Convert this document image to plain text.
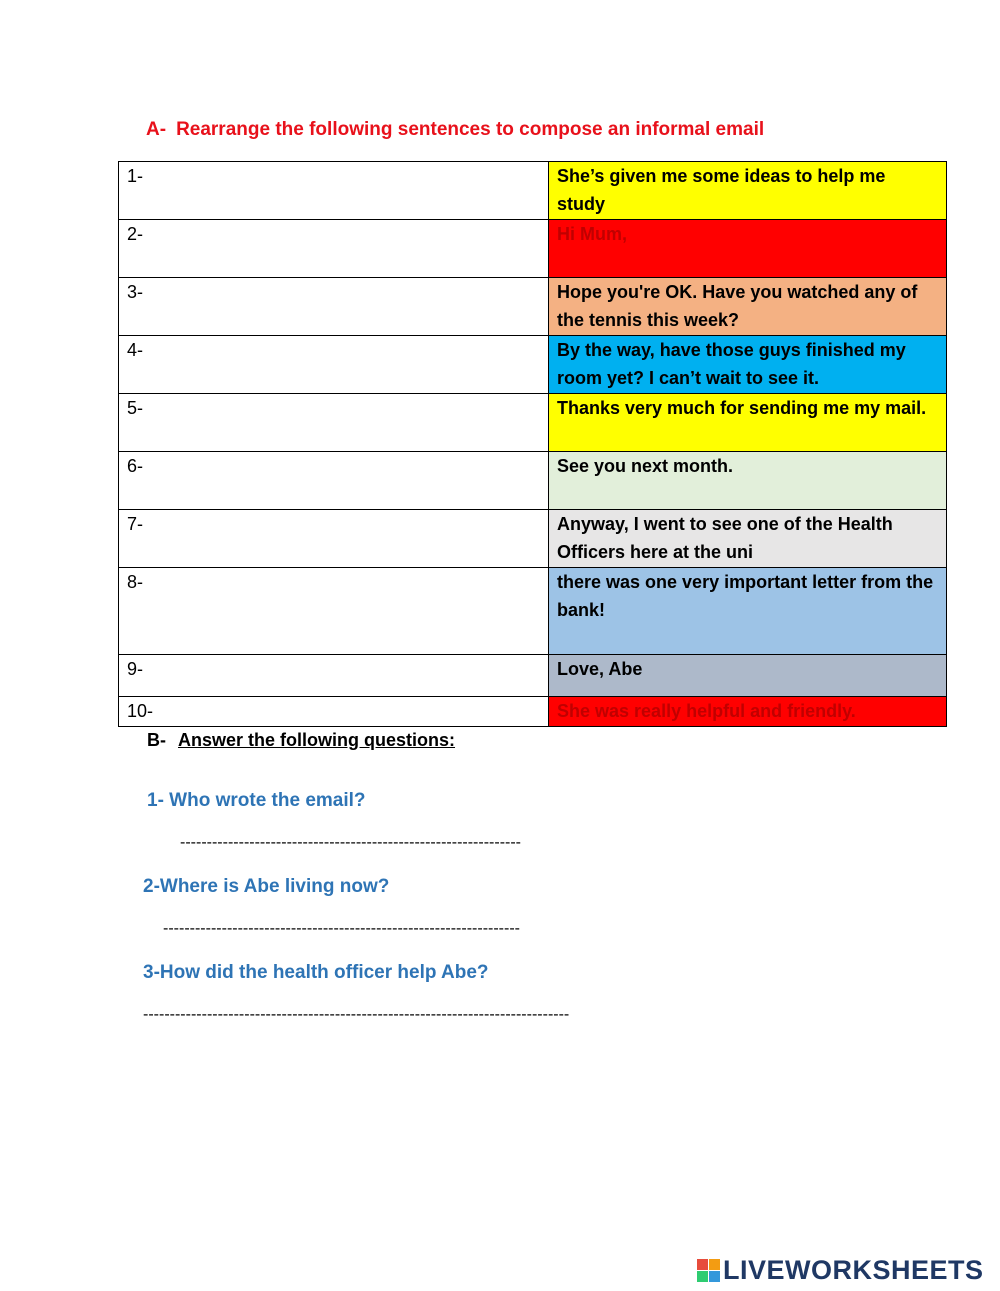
A- Rearrange the following sentences to compose an informal email
1-	She’s given me some ideas to help me study
2-	Hi Mum,
3-	Hope you're OK. Have you watched any of the tennis this week?
4-	By the way, have those guys finished my room yet? I can’t wait to see it.
5-	Thanks very much for sending me my mail.
6-	See you next month.
7-	Anyway, I went to see one of the Health Officers here at the uni
8-	there was one very important letter from the bank!
9-	Love, Abe
10-	She was really helpful and friendly.
B- Answer the following questions:
1- Who wrote the email?
----------------------------------------------------------------
2-Where is Abe living now?
-------------------------------------------------------------------
3-How did the health officer help Abe?
--------------------------------------------------------------------------------
LIVEWORKSHEETS
